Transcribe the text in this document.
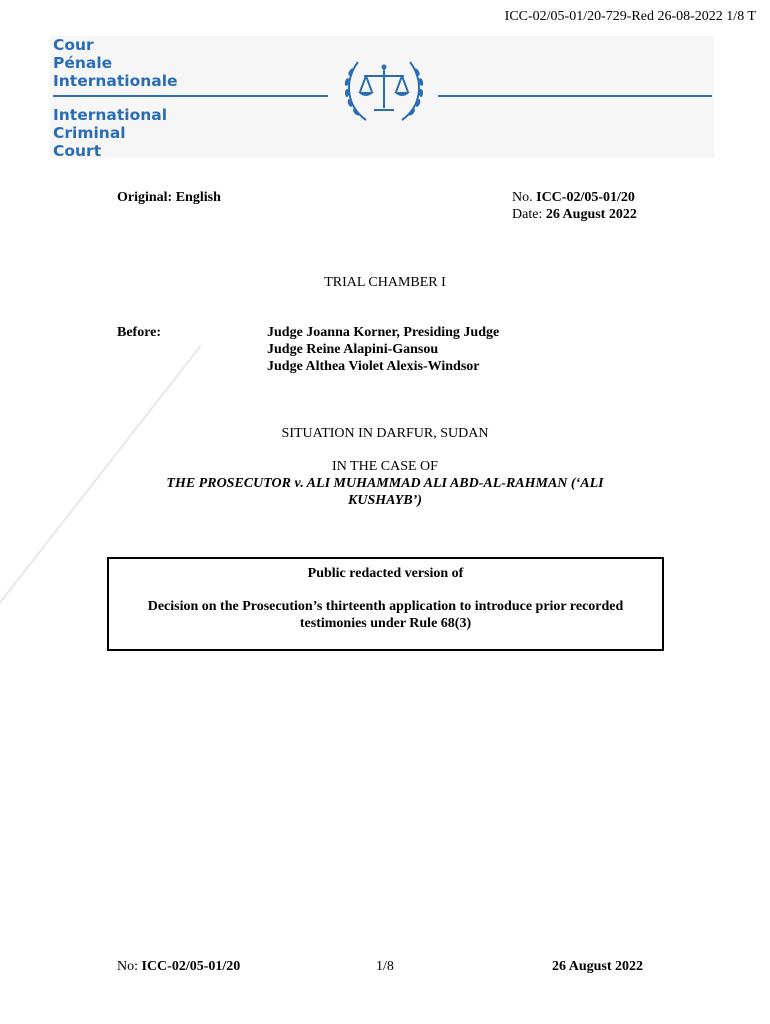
ICC-02/05-01/20-729-Red 26-08-2022 1/8 T
Cour
Pénale
Internationale
International
Criminal
Court
Original: English	No. ICC-02/05-01/20
Date: 26 August 2022
TRIAL CHAMBER I
Before:	Judge Joanna Korner, Presiding Judge
Judge Reine Alapini-Gansou
Judge Althea Violet Alexis-Windsor
SITUATION IN DARFUR, SUDAN
IN THE CASE OF
THE PROSECUTOR v. ALI MUHAMMAD ALI ABD-AL-RAHMAN (‘ALI
KUSHAYB’)
Public redacted version of
Decision on the Prosecution’s thirteenth application to introduce prior recorded
testimonies under Rule 68(3)
No: ICC-02/05-01/20	1/8	26 August 2022
